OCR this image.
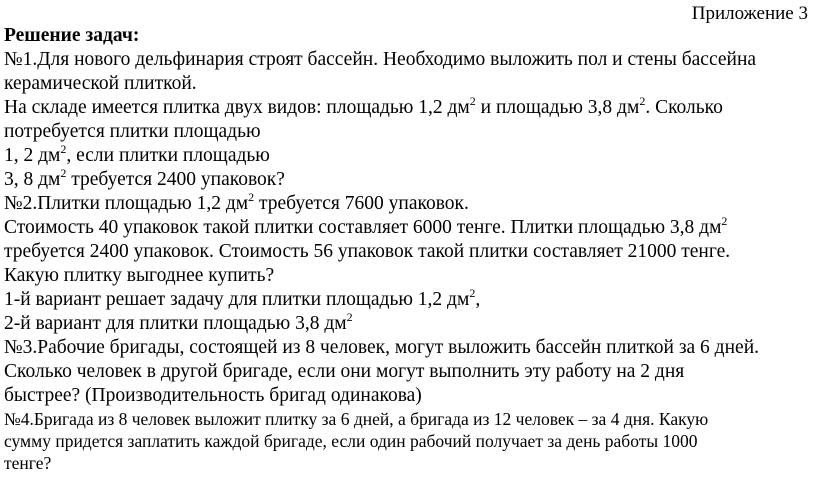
Приложение 3
Решение задач:
№1.Для нового дельфинария строят бассейн. Необходимо выложить пол и стены бассейна
керамической плиткой.
На складе имеется плитка двух видов: площадью 1,2 $дм^2$ и площадью 3,8 $дм^2$. Сколько
потребуется плитки площадью
1, 2 $дм^2$, если плитки площадью
3, 8 $дм^2$ требуется 2400 упаковок?
№2.Плитки площадью 1,2 $дм^2$ требуется 7600 упаковок.
Стоимость 40 упаковок такой плитки составляет 6000 тенге. Плитки площадью 3,8 $дм^2$
требуется 2400 упаковок. Стоимость 56 упаковок такой плитки составляет 21000 тенге.
Какую плитку выгоднее купить?
1-й вариант решает задачу для плитки площадью 1,2 $дм^2$,
2-й вариант для плитки площадью 3,8 $дм^2$
№3.Рабочие бригады, состоящей из 8 человек, могут выложить бассейн плиткой за 6 дней.
Сколько человек в другой бригаде, если они могут выполнить эту работу на 2 дня
быстрее? (Производительность бригад одинакова)
№4.Бригада из 8 человек выложит плитку за 6 дней, а бригада из 12 человек – за 4 дня. Какую
сумму придется заплатить каждой бригаде, если один рабочий получает за день работы 1000
тенге?
